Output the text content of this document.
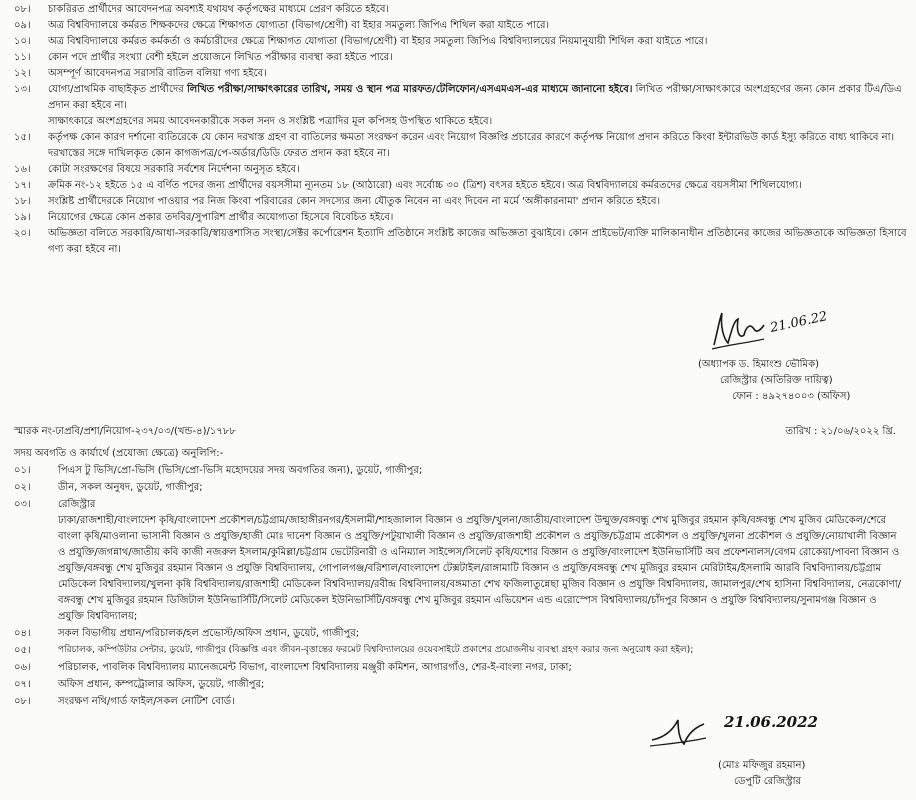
০৮।	চাকরিরত প্রার্থীদের আবেদনপত্র অবশ্যই যথাযথ কর্তৃপক্ষের মাধ্যমে প্রেরণ করিতে হইবে।
০৯।	অত্র বিশ্ববিদ্যালয়ে কর্মরত শিক্ষকদের ক্ষেত্রে শিক্ষাগত যোগ্যতা (বিভাগ/শ্রেণী) বা ইহার সমতুল্য জিপিএ শিথিল করা যাইতে পারে।
১০।	অত্র বিশ্ববিদ্যালয়ে কর্মরত কর্মকর্তা ও কর্মচারীদের ক্ষেত্রে শিক্ষাগত যোগ্যতা (বিভাগ/শ্রেণী) বা ইহার সমতুল্য জিপিএ বিশ্ববিদ্যালয়ের নিয়মানুযায়ী শিথিল করা যাইতে পারে।
১১।	কোন পদে প্রার্থীর সংখ্যা বেশী হইলে প্রয়োজনে লিখিত পরীক্ষার ব্যবস্থা করা হইতে পারে।
১২।	অসম্পূর্ণ আবেদনপত্র সরাসরি বাতিল বলিয়া গণ্য হইবে।
১৩।	যোগ্য/প্রাথমিক বাছাইকৃত প্রার্থীদের লিখিত পরীক্ষা/সাক্ষাৎকারের তারিখ, সময় ও স্থান পত্র মারফত/টেলিফোন/এসএমএস-এর মাধ্যমে জানানো হইবে। লিখিত পরীক্ষা/সাক্ষাৎকারে অংশগ্রহণের জন্য কোন প্রকার টিএ/ডিএ প্রদান করা হইবে না।
সাক্ষাৎকারে অংশগ্রহণের সময় আবেদনকারীকে সকল সনদ ও সংশ্লিষ্ট পত্রাদির মূল কপিসহ উপস্থিত থাকিতে হইবে।
১৫।	কর্তৃপক্ষ কোন কারণ দর্শানো ব্যতিরেকে যে কোন দরখাস্ত গ্রহণ বা বাতিলের ক্ষমতা সংরক্ষণ করেন এবং নিয়োগ বিজ্ঞপ্তি প্রচারের কারণে কর্তৃপক্ষ নিয়োগ প্রদান করিতে কিংবা ইন্টারভিউ কার্ড ইস্যু করিতে বাধ্য থাকিবে না। দরখাস্তের সঙ্গে দাখিলকৃত কোন কাগজপত্র/পে-অর্ডার/ডিডি ফেরত প্রদান করা হইবে না।
১৬।	কোটা সংরক্ষণের বিষয়ে সরকারি সর্বশেষ নির্দেশনা অনুসৃত হইবে।
১৭।	ক্রমিক নং-১২ হইতে ১৫ এ বর্ণিত পদের জন্য প্রার্থীদের বয়সসীমা ন্যূনতম ১৮ (আঠারো) এবং সর্বোচ্চ ৩০ (ত্রিশ) বৎসর হইতে হইবে। অত্র বিশ্ববিদ্যালয়ে কর্মরতদের ক্ষেত্রে বয়সসীমা শিথিলযোগ্য।
১৮।	সংশ্লিষ্ট প্রার্থীদেরকে নিয়োগ পাওয়ার পর নিজ কিংবা পরিবারের কোন সদস্যের জন্য যৌতুক নিবেন না এবং দিবেন না মর্মে 'অঙ্গীকারনামা' প্রদান করিতে হইবে।
১৯।	নিয়োগের ক্ষেত্রে কোন প্রকার তদবির/সুপারিশ প্রার্থীর অযোগ্যতা হিসেবে বিবেচিত হইবে।
২০।	অভিজ্ঞতা বলিতে সরকারি/আধা-সরকারি/স্বায়ত্তশাসিত সংস্থা/সেক্টর কর্পোরেশন ইত্যাদি প্রতিষ্ঠানে সংশ্লিষ্ট কাজের অভিজ্ঞতা বুঝাইবে। কোন প্রাইভেট/ব্যক্তি মালিকানাধীন প্রতিষ্ঠানের কাজের অভিজ্ঞতাকে অভিজ্ঞতা হিসাবে গণ্য করা হইবে না।
21.06.22
(অধ্যাপক ড. হিমাংশু ভৌমিক)
রেজিস্ট্রার (অতিরিক্ত দায়িত্ব)
ফোন : ৪৯২৭৪০০৩ (অফিস)
স্মারক নং-ঢাপ্রবি/প্রশা/নিয়োগ-২৩৭/০৩/(খন্ড-৪)/১৭৮৮	তারিখ : ২১/০৬/২০২২ খ্রি.
সদয় অবগতি ও কার্যার্থে (প্রযোজ্য ক্ষেত্রে) অনুলিপি:-
০১।	পিএস টু ভিসি/প্রো-ভিসি (ভিসি/প্রো-ভিসি মহোদয়ের সদয় অবগতির জন্য), ডুয়েট, গাজীপুর;
০২।	ডীন, সকল অনুষদ, ডুয়েট, গাজীপুর;
০৩।	রেজিস্ট্রার
ঢাকা/রাজশাহী/বাংলাদেশ কৃষি/বাংলাদেশ প্রকৌশল/চট্টগ্রাম/জাহাঙ্গীরনগর/ইসলামী/শাহজালাল বিজ্ঞান ও প্রযুক্তি/খুলনা/জাতীয়/বাংলাদেশ উন্মুক্ত/বঙ্গবন্ধু শেখ মুজিবুর রহমান কৃষি/বঙ্গবন্ধু শেখ মুজিব মেডিকেল/শেরে বাংলা কৃষি/মাওলানা ভাসানী বিজ্ঞান ও প্রযুক্তি/হাজী মোঃ দানেশ বিজ্ঞান ও প্রযুক্তি/পটুয়াখালী বিজ্ঞান ও প্রযুক্তি/রাজশাহী প্রকৌশল ও প্রযুক্তি/চট্টগ্রাম প্রকৌশল ও প্রযুক্তি/খুলনা প্রকৌশল ও প্রযুক্তি/নোয়াখালী বিজ্ঞান ও প্রযুক্তি/জগন্নাথ/জাতীয় কবি কাজী নজরুল ইসলাম/কুমিল্লা/চট্টগ্রাম ভেটেরিনারী ও এনিম্যাল সাইন্সেস/সিলেট কৃষি/যশোর বিজ্ঞান ও প্রযুক্তি/বাংলাদেশ ইউনিভার্সিটি অব প্রফেশনালস/বেগম রোকেয়া/পাবনা বিজ্ঞান ও প্রযুক্তি/বঙ্গবন্ধু শেখ মুজিবুর রহমান বিজ্ঞান ও প্রযুক্তি বিশ্ববিদ্যালয়, গোপালগঞ্জ/বরিশাল/বাংলাদেশ টেক্সটাইল/রাঙ্গামাটি বিজ্ঞান ও প্রযুক্তি/বঙ্গবন্ধু শেখ মুজিবুর রহমান মেরিটাইম/ইসলামি আরবি বিশ্ববিদ্যালয়/চট্টগ্রাম মেডিকেল বিশ্ববিদ্যালয়/খুলনা কৃষি বিশ্ববিদ্যালয়/রাজশাহী মেডিকেল বিশ্ববিদ্যালয়/রবীন্দ্র বিশ্ববিদ্যালয়/বঙ্গমাতা শেখ ফজিলাতুন্নেছা মুজিব বিজ্ঞান ও প্রযুক্তি বিশ্ববিদ্যালয়, জামালপুর/শেখ হাসিনা বিশ্ববিদ্যালয়, নেত্রকোণা/বঙ্গবন্ধু শেখ মুজিবুর রহমান ডিজিটাল ইউনিভার্সিটি/সিলেট মেডিকেল ইউনিভার্সিটি/বঙ্গবন্ধু শেখ মুজিবুর রহমান এভিয়েশন এন্ড এরোস্পেস বিশ্ববিদ্যালয়/চাঁদপুর বিজ্ঞান ও প্রযুক্তি বিশ্ববিদ্যালয়/সুনামগঞ্জ বিজ্ঞান ও প্রযুক্তি বিশ্ববিদ্যালয়;
০৪।	সকল বিভাগীয় প্রধান/পরিচালক/হল প্রভোস্ট/অফিস প্রধান, ডুয়েট, গাজীপুর;
০৫।	পরিচালক, কম্পিউটার সেন্টার, ডুয়েট, গাজীপুর (বিজ্ঞপ্তি এবং জীবন-বৃত্তান্তের ফরমেট বিশ্ববিদ্যালয়ের ওয়েবসাইটে প্রকাশের প্রয়োজনীয় ব্যবস্থা গ্রহণ করার জন্য অনুরোধ করা হইল);
০৬।	পরিচালক, পাবলিক বিশ্ববিদ্যালয় ম্যানেজমেন্ট বিভাগ, বাংলাদেশ বিশ্ববিদ্যালয় মঞ্জুরী কমিশন, আগারগাঁও, শের-ই-বাংলা নগর, ঢাকা;
০৭।	অফিস প্রধান, কম্পট্রোলার অফিস, ডুয়েট, গাজীপুর;
০৮।	সংরক্ষণ নথি/গার্ড ফাইল/সকল নোটিশ বোর্ড।
21.06.2022
(মোঃ মফিজুর রহমান)
ডেপুটি রেজিস্ট্রার
